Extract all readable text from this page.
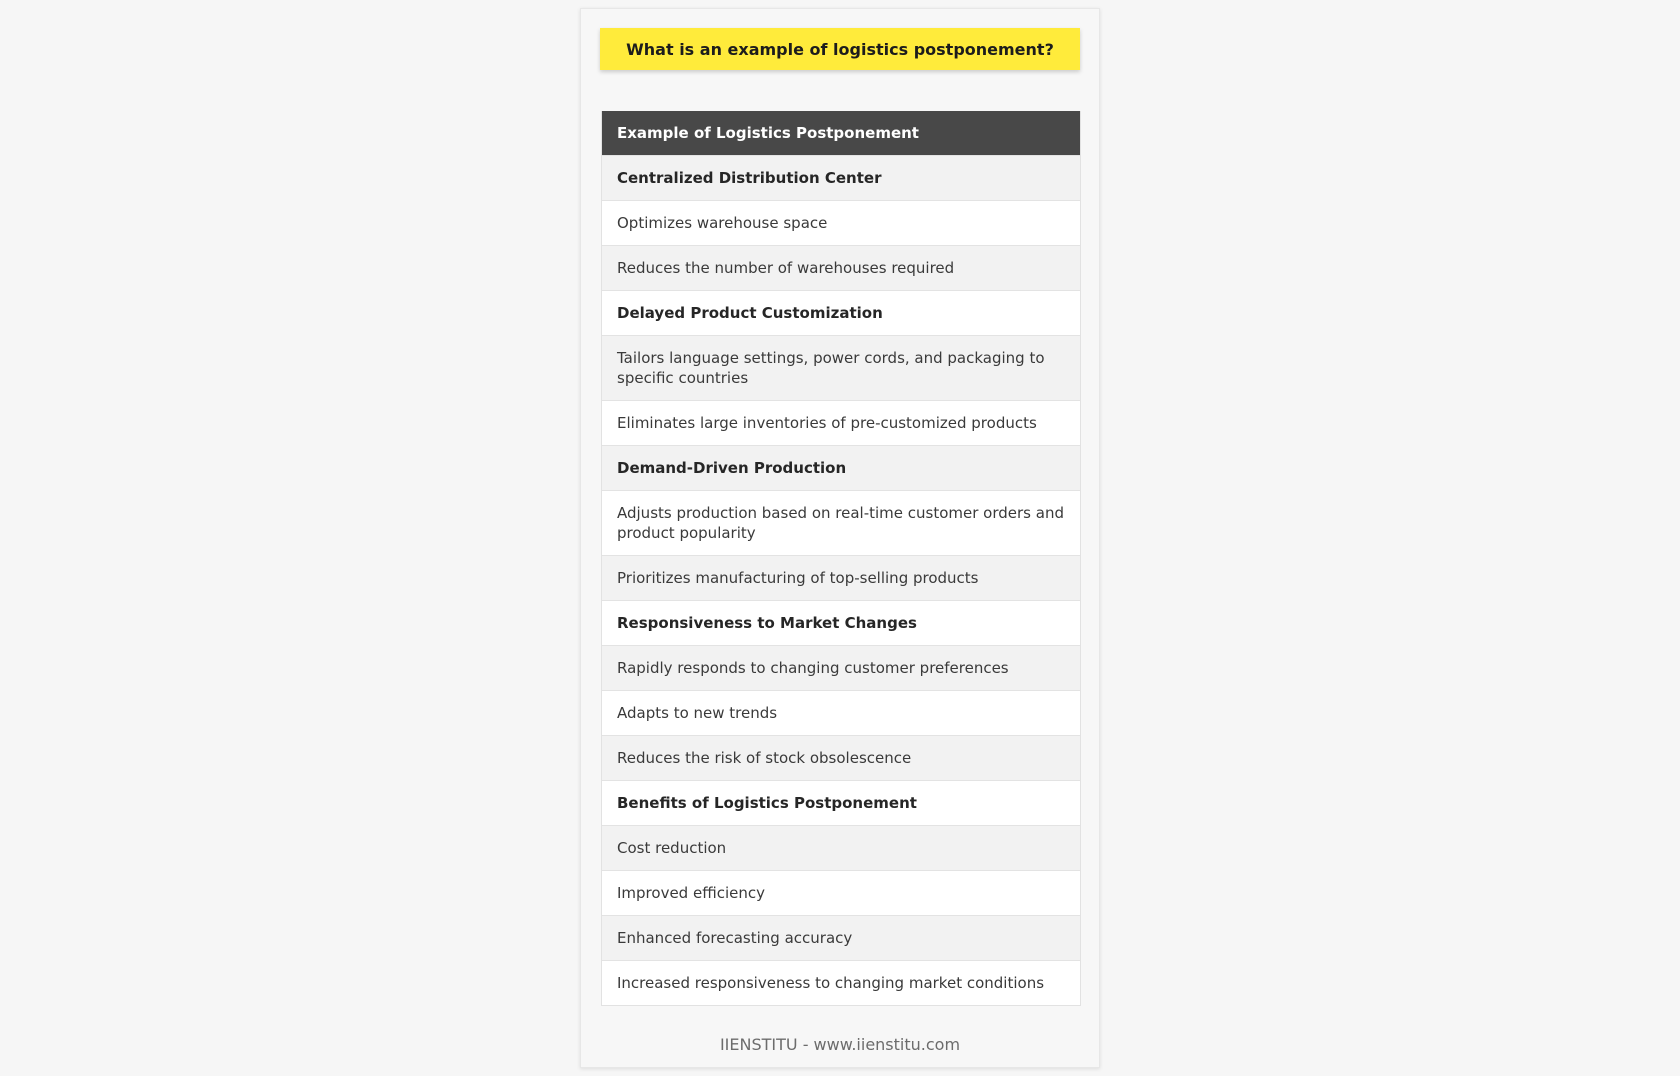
What is an example of logistics postponement?
Example of Logistics Postponement
Centralized Distribution Center
Optimizes warehouse space
Reduces the number of warehouses required
Delayed Product Customization
Tailors language settings, power cords, and packaging to specific countries
Eliminates large inventories of pre-customized products
Demand-Driven Production
Adjusts production based on real-time customer orders and product popularity
Prioritizes manufacturing of top-selling products
Responsiveness to Market Changes
Rapidly responds to changing customer preferences
Adapts to new trends
Reduces the risk of stock obsolescence
Benefits of Logistics Postponement
Cost reduction
Improved efficiency
Enhanced forecasting accuracy
Increased responsiveness to changing market conditions
IIENSTITU - www.iienstitu.com
